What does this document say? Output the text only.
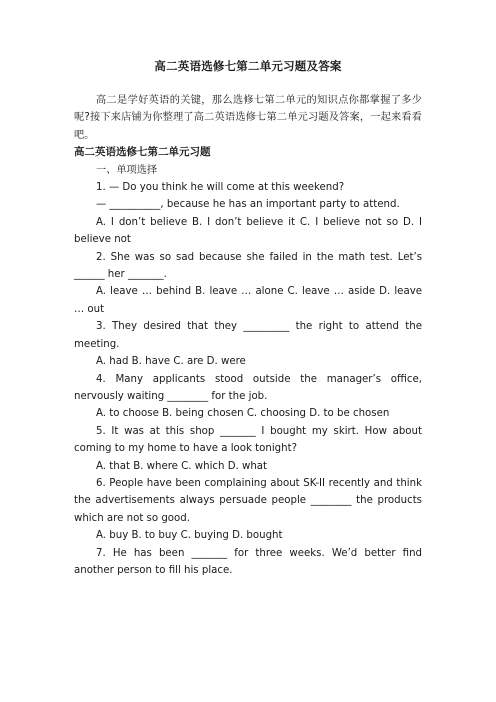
高二英语选修七第二单元习题及答案

高二是学好英语的关键，那么选修七第二单元的知识点你都掌握了多少呢?接下来店铺为你整理了高二英语选修七第二单元习题及答案，一起来看看吧。

高二英语选修七第二单元习题

一、单项选择

1. — Do you think he will come at this weekend?

— __________, because he has an important party to attend.

A. I don’t believe B. I don’t believe it C. I believe not so D. I believe not

2. She was so sad because she failed in the math test. Let’s ______ her _______.

A. leave … behind B. leave … alone C. leave … aside D. leave … out

3. They desired that they _________ the right to attend the meeting.

A. had B. have C. are D. were

4. Many applicants stood outside the manager’s office, nervously waiting ________ for the job.

A. to choose B. being chosen C. choosing D. to be chosen

5. It was at this shop _______ I bought my skirt. How about coming to my home to have a look tonight?

A. that B. where C. which D. what

6. People have been complaining about SK-II recently and think the advertisements always persuade people ________ the products which are not so good.

A. buy B. to buy C. buying D. bought

7. He has been _______ for three weeks. We’d better find another person to fill his place.
